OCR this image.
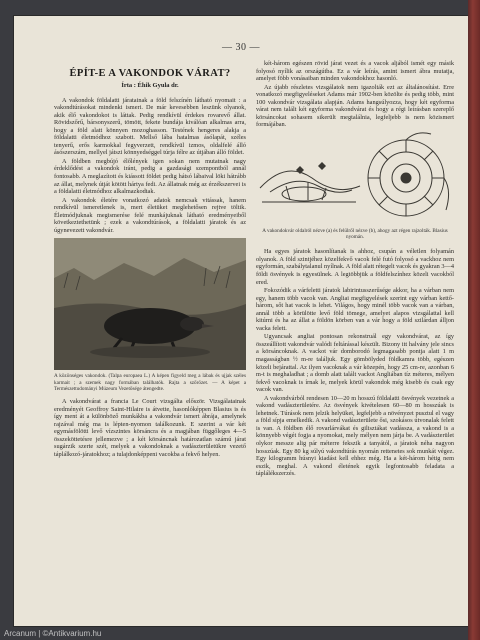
— 30 —
ÉPÍT-E A VAKONDOK VÁRAT?
Írta : Éhik Gyula dr.

A vakondok földalatti járatainak a föld felszínén látható nyomait : a vakondtúrásokat mindenki ismeri. De már kevesebben leszünk olyanok, akik élő vakondokot is láttak. Pedig rendkívül érdekes rovarevő állat. Rövidszőrű, bársonyszerű, tömött, fekete bundája kiválóan alkalmas arra, hogy a föld alatt könnyen mozoghasson. Testének hengeres alakja a földalatti életmódhoz szabott. Mellső lába hatalmas ásólapát, széles tenyerű, erős karmokkal fegyverzett, rendkívül izmos, oldalfelé álló ásószerszám, mellyel játszi könnyedséggel túrja félre az útjában álló földet.

A földben megbújó élőlények igen sokan nem mutatnak nagy érdeklődést a vakondok iránt, pedig a gazdasági szempontból annál fontosabb. A meglazított és kiássott földet pedig hátsó lábaival löki hátrább az állat, melynek útját kötött hártya fedi. Az állatnak még az érzékszervei is a földalatti életmódhoz alkalmazkodtak.

A vakondok életére vonatkozó adatok nemcsak vitássak, hanem rendkívül ismeretlenek is, mert életüket meglehetősen rejtve töltik. Életmódjuknak megismerése felé munkájuknak látható eredményeiből következtethetünk ; ezek a vakondtúrások, a földalatti járatok és az úgynevezett vakondvár.

A közönséges vakondok. (Talpa europaea L.) A képen figyeld meg a lábak és ujjak széles karmait ; a szemek nagy formában találhatók. Rajta a szőrözet. — A képet a Természettudományi Múzeum Vezetősége átengedte.

A vakondvárat a francia Le Court vizsgálta először. Vizsgálatainak eredményét Geoffroy Saint-Hilaire is átvette, hasonlóképpen Blasius is és így ment át a különböző munkákba a vakondvár ismert ábrája, amelynek rajzával még ma is lépten-nyomon találkozunk. E szerint a vár két egymásfölötti levő vízszintes körsáncra és a magjában függőleges 4—5 összeköttetésre jellemezve ; a két körsáncnak határozatlan számú járat sugárzik szerte szét, melyek a vakondoknak a vadászterületükre vezető táplálkozó-járatokhoz; a tulajdonképpeni vacokba a fekvő helyen.

két-három egészen rövid járat vezet és a vacok aljából ismét egy másik folyosó nyílik az országútba. Ez a vár leírás, amint ismert ábra mutatja, amelyet föbb vonásaiban minden vakondokhoz hasonló.

Az újabb részletes vizsgálatok nem igazolták ezt az általánosítást. Erre vonatkozó megfigyeléseket Adams már 1902-ben közölte és pedig több, mint 100 vakondvár vizsgálata alapján. Adams hangsúlyozza, hogy két egyforma várat nem talált két egyforma vakondvárat és hogy a régi leírásban szereplő körsáncokat sohasem sikerült megtalálnia, legfeljebb is nem közismert formájában.

A vakondokvár oldalról nézve (a) és felülről nézve (b), ahogy azt régen rajzolták. Blasius nyomán.

Ha egyes járatok hasonlítanak is ahhoz, csupán a véletlen folyamán olyanok. A föld szintjéhez közelfekvő vacok felé futó folyosó a vackhoz nem egyformán, szabálytalanul nyílnak. A föld alatt rétegelt vacok és gyakran 3—4 földi ösvények is egyesülnek. A legtöbbjük a földfelszínhez közeli vacokból ered.

Fokozódik a várfeletti járatok labirintusszerűsége akkor, ha a várban nem egy, hanem több vacok van. Angliai megfigyelések szerint egy várban kettő-három, sőt hat vacok is lehet. Világos, hogy minél több vacok van a várban, annál több a körülötte levő föld tömege, amelyet alapos vizsgálattal kell kitúrni és ha az állat a földön körben van a vár hogy a föld szilárdan álljon vacka felett.

Ugyancsak angliai pontosan rekonstruál egy vakondvárat, az így összeállított vakondvár valódi feltárással készült. Bizony itt halvány jele sincs a körsáncoknak. A vackot vár domborodó legmagasabb pontja alatt 1 m magasságban ½ m-re találjuk. Egy gömbölyded földkamra több, egészen közeli bejárattal. Az ilyen vacoknak a vár közepén, hogy 25 cm-re, azonban 6 m-t is meghaladhat ; a domb alatt talált vackot Angliában tíz méteres, mélyen fekvő vacoknak is írnak le, melyek körül vakondok még kisebb és csak egy vacok van.

A vakondvárból rendesen 10—20 m hosszú földalatti ösvények vezetnek a vakond vadászterületére. Az ösvények kivételesen 60—80 m hosszúak is lehetnek. Túrások nem jelzik helyüket, legfeljebb a növényzet pusztul el vagy a föld sípja emelkedik. A vakond vadászterülete ősi, szokásos útvonalak felett is van. A földben élő rovarlárvákat és gilisztákat vadássza, a vakond is a könnyebb végét fogja a nyomokat, mely mélyen nem járja be. A vadászterület olykor messze alig pár méterre fekszik a tanyától, a járatok néha nagyon hosszúak. Egy 80 kg súlyú vakondtúrás nyomán rettenetes sok munkát végez. Egy kilogramm húsnyi kiadást kell ehhez még. Ha a két-három hétig nem eszik, meghal. A vakond életének egyik legfontosabb feladata a táplálékszerzés.

Arcanum | ©Antikvarium.hu
